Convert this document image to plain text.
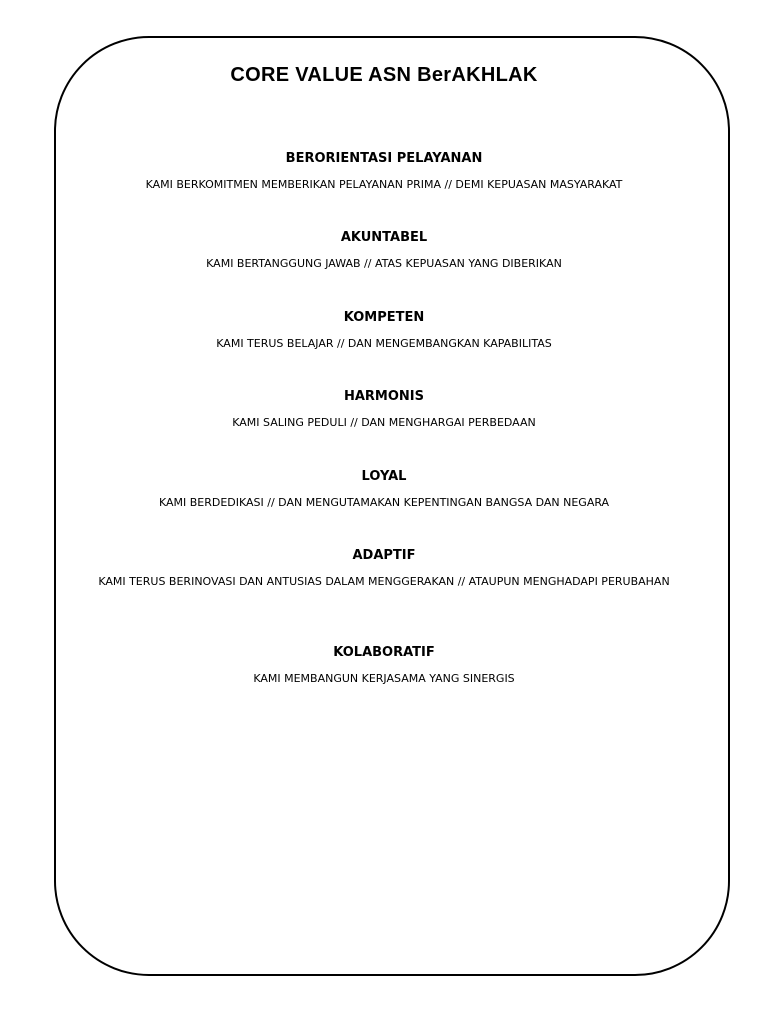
CORE VALUE ASN BerAKHLAK

BERORIENTASI PELAYANAN

KAMI BERKOMITMEN MEMBERIKAN PELAYANAN PRIMA // DEMI KEPUASAN MASYARAKAT

AKUNTABEL

KAMI BERTANGGUNG JAWAB // ATAS KEPUASAN YANG DIBERIKAN

KOMPETEN

KAMI TERUS BELAJAR // DAN MENGEMBANGKAN KAPABILITAS

HARMONIS

KAMI SALING PEDULI // DAN MENGHARGAI PERBEDAAN

LOYAL

KAMI BERDEDIKASI // DAN MENGUTAMAKAN KEPENTINGAN BANGSA DAN NEGARA

ADAPTIF

KAMI TERUS BERINOVASI DAN ANTUSIAS DALAM MENGGERAKAN // ATAUPUN MENGHADAPI PERUBAHAN

KOLABORATIF

KAMI MEMBANGUN KERJASAMA YANG SINERGIS
